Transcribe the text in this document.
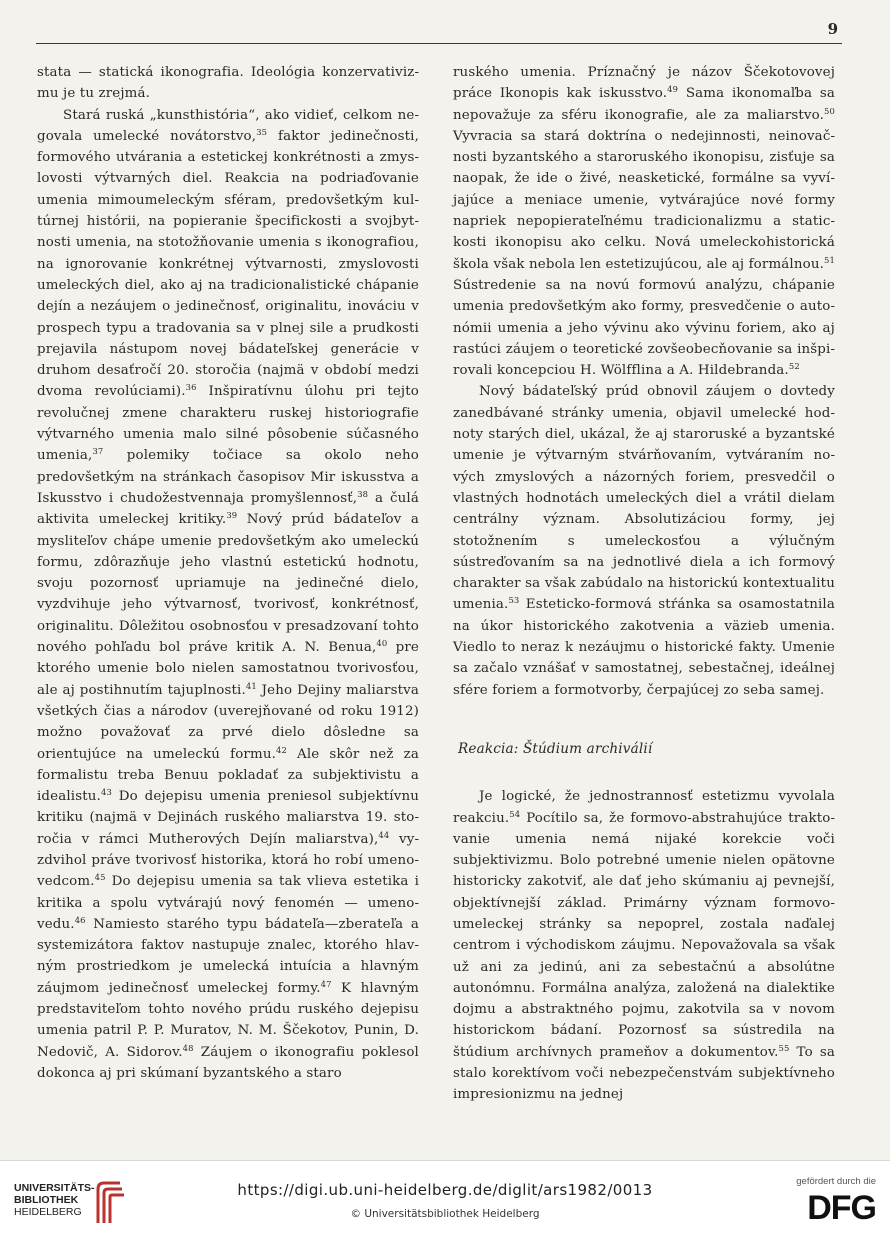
9

stata — statická ikonografia. Ideológia konzervativizmu je tu zrejmá.

Stará ruská „kunsthistória“, ako vidieť, celkom negovala umelecké novátorstvo,$^{35}$ faktor jedinečnosti, formového utvárania a estetickej konkrétnosti a zmyslovosti výtvarných diel. Reakcia na podriaďovanie umenia mimoumeleckým sféram, predovšetkým kultúrnej histórii, na popieranie špecifickosti a svojbytnosti umenia, na stotožňovanie umenia s ikonografiou, na ignorovanie konkrétnej výtvarnosti, zmyslovosti umeleckých diel, ako aj na tradicionalistické chápanie dejín a nezáujem o jedinečnosť, originalitu, inováciu v prospech typu a tradovania sa v plnej sile a prudkosti prejavila nástupom novej bádateľskej generácie v druhom desaťročí 20. storočia (najmä v období medzi dvoma revolúciami).$^{36}$ Inšpiratívnu úlohu pri tejto revolučnej zmene charakteru ruskej historiografie výtvarného umenia malo silné pôsobenie súčasného umenia,$^{37}$ polemiky točiace sa okolo neho predovšetkým na stránkach časopisov Mir iskusstva a Iskusstvo i chudožestvennaja promyšlennosť,$^{38}$ a čulá aktivita umeleckej kritiky.$^{39}$ Nový prúd bádateľov a mysliteľov chápe umenie predovšetkým ako umeleckú formu, zdôrazňuje jeho vlastnú estetickú hodnotu, svoju pozornosť upriamuje na jedinečné dielo, vyzdvihuje jeho výtvarnosť, tvorivosť, konkrétnosť, originalitu. Dôležitou osobnosťou v presadzovaní tohto nového pohľadu bol práve kritik A. N. Benua,$^{40}$ pre ktorého umenie bolo nielen samostatnou tvorivosťou, ale aj postihnutím tajuplnosti.$^{41}$ Jeho Dejiny maliarstva všetkých čias a národov (uverejňované od roku 1912) možno považovať za prvé dielo dôsledne sa orientujúce na umeleckú formu.$^{42}$ Ale skôr než za formalistu treba Benuu pokladať za subjektivistu a idealistu.$^{43}$ Do dejepisu umenia preniesol subjektívnu kritiku (najmä v Dejinách ruského maliarstva 19. storočia v rámci Mutherových Dejín maliarstva),$^{44}$ vyzdvihol práve tvorivosť historika, ktorá ho robí umenovedcom.$^{45}$ Do dejepisu umenia sa tak vlieva estetika i kritika a spolu vytvárajú nový fenomén — umenovedu.$^{46}$ Namiesto starého typu bádateľa—zberateľa a systemizátora faktov nastupuje znalec, ktorého hlavným prostriedkom je umelecká intuícia a hlavným záujmom jedinečnosť umeleckej formy.$^{47}$ K hlavným predstaviteľom tohto nového prúdu ruského dejepisu umenia patril P. P. Muratov, N. M. Ščekotov, Punin, D. Nedovič, A. Sidorov.$^{48}$ Záujem o ikonografiu poklesol dokonca aj pri skúmaní byzantského a staro

ruského umenia. Príznačný je názov Ščekotovovej práce Ikonopis kak iskusstvo.$^{49}$ Sama ikonomaľba sa nepovažuje za sféru ikonografie, ale za maliarstvo.$^{50}$ Vyvracia sa stará doktrína o nedejinnosti, neinovačnosti byzantského a staroruského ikonopisu, zisťuje sa naopak, že ide o živé, neasketické, formálne sa vyvíjajúce a meniace umenie, vytvárajúce nové formy napriek nepopierateľnému tradicionalizmu a statickosti ikonopisu ako celku. Nová umeleckohistorická škola však nebola len estetizujúcou, ale aj formálnou.$^{51}$ Sústredenie sa na novú formovú analýzu, chápanie umenia predovšetkým ako formy, presvedčenie o autonómii umenia a jeho vývinu ako vývinu foriem, ako aj rastúci záujem o teoretické zovšeobecňovanie sa inšpirovali koncepciou H. Wölfflina a A. Hildebranda.$^{52}$

Nový bádateľský prúd obnovil záujem o dovtedy zanedbávané stránky umenia, objavil umelecké hodnoty starých diel, ukázal, že aj staroruské a byzantské umenie je výtvarným stvárňovaním, vytváraním nových zmyslových a názorných foriem, presvedčil o vlastných hodnotách umeleckých diel a vrátil dielam centrálny význam. Absolutizáciou formy, jej stotožnením s umeleckosťou a výlučným sústreďovaním sa na jednotlivé diela a ich formový charakter sa však zabúdalo na historickú kontextualitu umenia.$^{53}$ Esteticko-formová stŕánka sa osamostatnila na úkor historického zakotvenia a väzieb umenia. Viedlo to neraz k nezáujmu o historické fakty. Umenie sa začalo vznášať v samostatnej, sebestačnej, ideálnej sfére foriem a formotvorby, čerpajúcej zo seba samej.

Reakcia: Štúdium archiválií

Je logické, že jednostrannosť estetizmu vyvolala reakciu.$^{54}$ Pocítilo sa, že formovo-abstrahujúce traktovanie umenia nemá nijaké korekcie voči subjektivizmu. Bolo potrebné umenie nielen opätovne historicky zakotviť, ale dať jeho skúmaniu aj pevnejší, objektívnejší základ. Primárny význam formovo-umeleckej stránky sa nepoprel, zostala naďalej centrom i východiskom záujmu. Nepovažovala sa však už ani za jedinú, ani za sebestačnú a absolútne autonómnu. Formálna analýza, založená na dialektike dojmu a abstraktného pojmu, zakotvila sa v novom historickom bádaní. Pozornosť sa sústredila na štúdium archívnych prameňov a dokumentov.$^{55}$ To sa stalo korektívom voči nebezpečenstvám subjektívneho impresionizmu na jednej

UNIVERSITÄTS-
BIBLIOTHEK
HEIDELBERG
https://digi.ub.uni-heidelberg.de/diglit/ars1982/0013
© Universitätsbibliothek Heidelberg
gefördert durch die
DFG
